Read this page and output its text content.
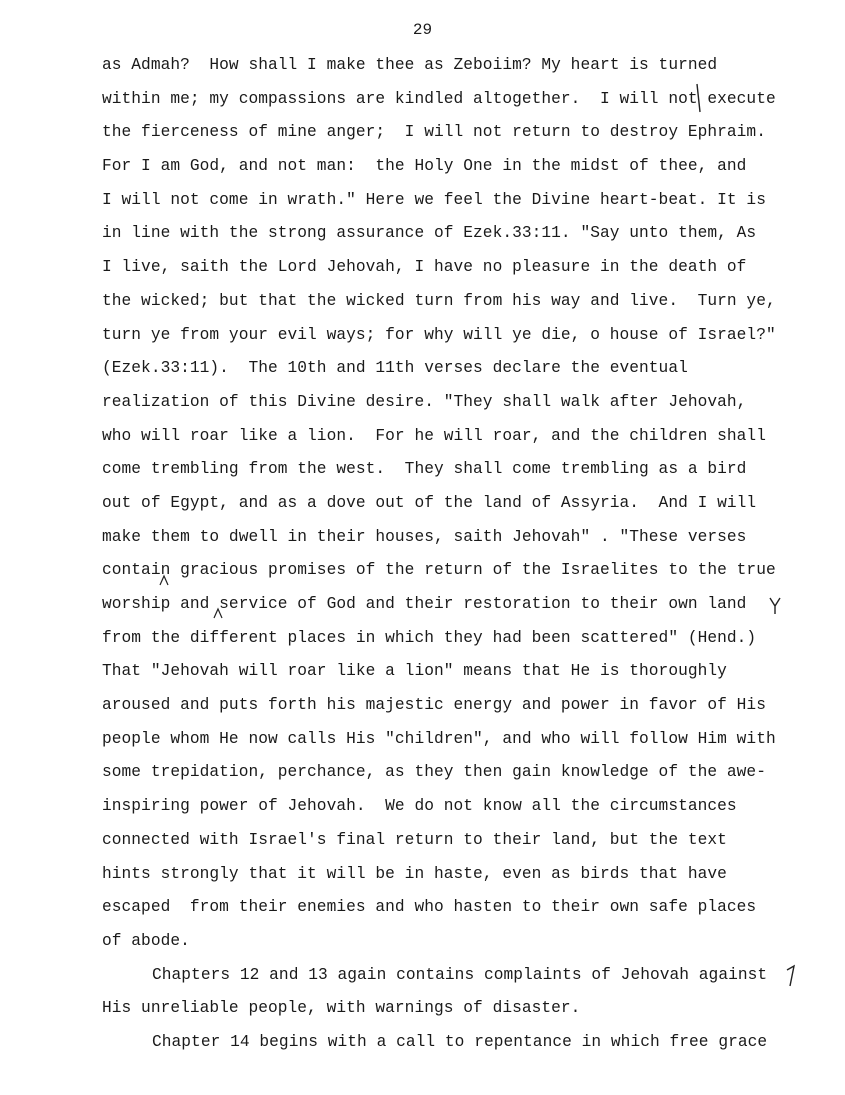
29
as Admah?  How shall I make thee as Zeboiim? My heart is turned
within me; my compassions are kindled altogether.  I will not execute
the fierceness of mine anger;  I will not return to destroy Ephraim.
For I am God, and not man:  the Holy One in the midst of thee, and
I will not come in wrath." Here we feel the Divine heart-beat. It is
in line with the strong assurance of Ezek.33:11. "Say unto them, As
I live, saith the Lord Jehovah, I have no pleasure in the death of
the wicked; but that the wicked turn from his way and live.  Turn ye,
turn ye from your evil ways; for why will ye die, o house of Israel?"
(Ezek.33:11).  The 10th and 11th verses declare the eventual
realization of this Divine desire. "They shall walk after Jehovah,
who will roar like a lion.  For he will roar, and the children shall
come trembling from the west.  They shall come trembling as a bird
out of Egypt, and as a dove out of the land of Assyria.  And I will
make them to dwell in their houses, saith Jehovah" . "These verses
contain gracious promises of the return of the Israelites to the true
worship and service of God and their restoration to their own land
from the different places in which they had been scattered" (Hend.)
That "Jehovah will roar like a lion" means that He is thoroughly
aroused and puts forth his majestic energy and power in favor of His
people whom He now calls His "children", and who will follow Him with
some trepidation, perchance, as they then gain knowledge of the awe-
inspiring power of Jehovah.  We do not know all the circumstances
connected with Israel's final return to their land, but the text
hints strongly that it will be in haste, even as birds that have
escaped  from their enemies and who hasten to their own safe places
of abode.
Chapters 12 and 13 again contains complaints of Jehovah against
His unreliable people, with warnings of disaster.
Chapter 14 begins with a call to repentance in which free grace
